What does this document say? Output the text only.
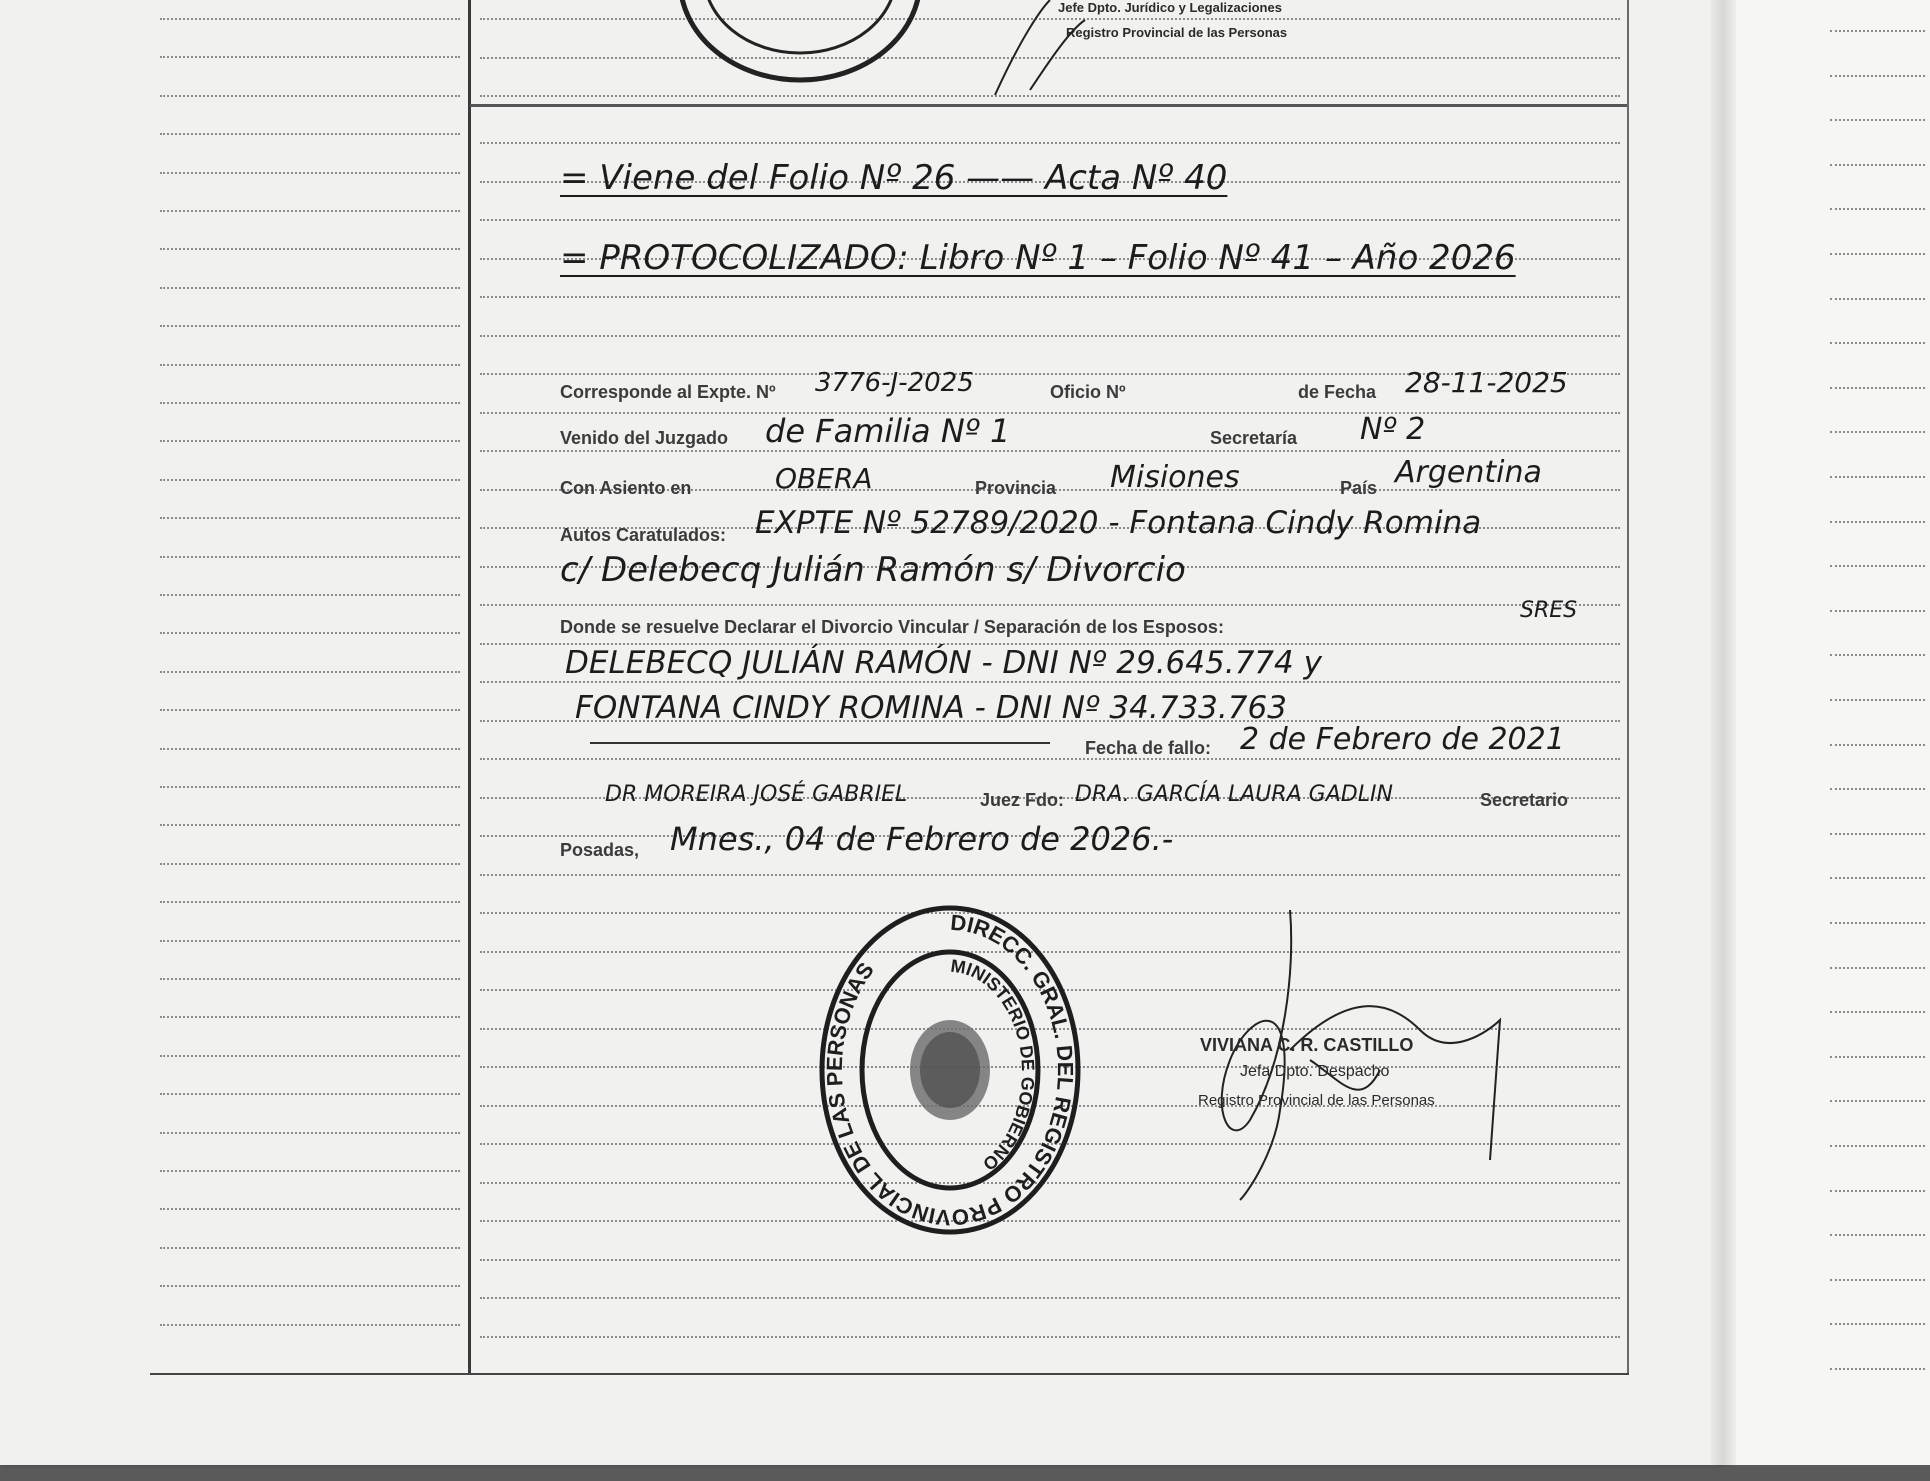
Jefe Dpto. Jurídico y Legalizaciones
Registro Provincial de las Personas
= Viene del Folio Nº 26 —— Acta Nº 40
= PROTOCOLIZADO: Libro Nº 1 – Folio Nº 41 – Año 2026
Corresponde al Expte. Nº 3776-J-2025	Oficio Nº	de Fecha 28-11-2025
Venido del Juzgado de Familia Nº 1	Secretaría Nº 2
Con Asiento en	OBERA	Provincia Misiones	País Argentina
Autos Caratulados: EXPTE Nº 52789/2020 - Fontana Cindy Romina
c/ Delebecq Julián Ramón s/ Divorcio
Donde se resuelve Declarar el Divorcio Vincular / Separación de los Esposos:
SRES
DELEBECQ JULIÁN RAMÓN - DNI Nº 29.645.774 y
FONTANA CINDY ROMINA - DNI Nº 34.733.763
Fecha de fallo: 2 de Febrero de 2021
DR MOREIRA JOSÉ GABRIEL	Juez Fdo: DRA. GARCÍA LAURA GADLIN	Secretario
Posadas, Mnes., 04 de Febrero de 2026.-
DIRECC. GRAL. DEL REGISTRO PROVINCIAL DE LAS PERSONAS	MINISTERIO DE GOBIERNO
VIVIANA C. R. CASTILLO
Jefa Dpto. Despacho
Registro Provincial de las Personas
